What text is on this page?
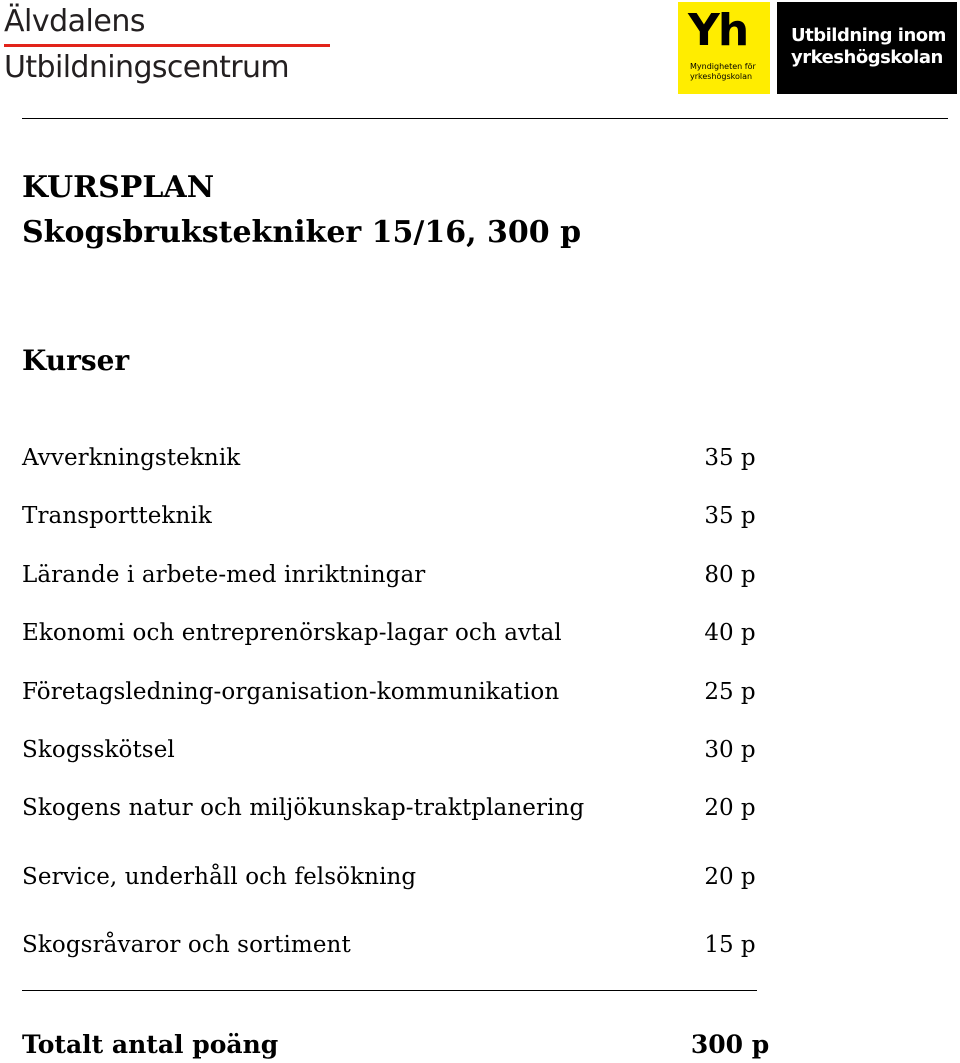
Älvdalens
Utbildningscentrum
Yh
Myndigheten för
yrkeshögskolan
Utbildning inom
yrkeshögskolan
KURSPLAN
Skogsbrukstekniker 15/16, 300 p
Kurser
Avverkningsteknik	35 p
Transportteknik	35 p
Lärande i arbete-med inriktningar	80 p
Ekonomi och entreprenörskap-lagar och avtal	40 p
Företagsledning-organisation-kommunikation	25 p
Skogsskötsel	30 p
Skogens natur och miljökunskap-traktplanering	20 p
Service, underhåll och felsökning	20 p
Skogsråvaror och sortiment	15 p
Totalt antal poäng	300 p
